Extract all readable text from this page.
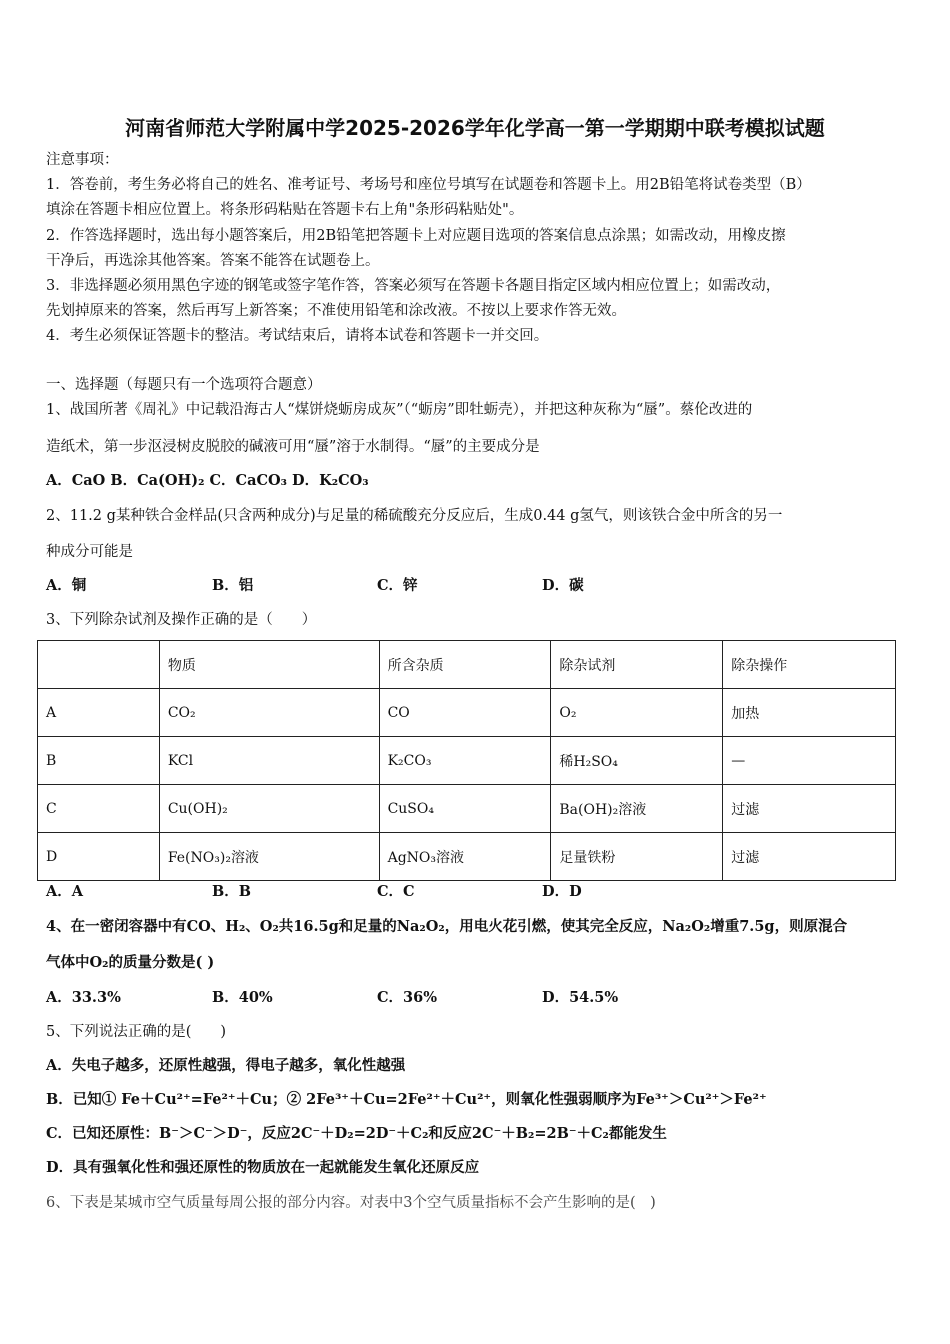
河南省师范大学附属中学2025-2026学年化学高一第一学期期中联考模拟试题
注意事项：
1．答卷前，考生务必将自己的姓名、准考证号、考场号和座位号填写在试题卷和答题卡上。用2B铅笔将试卷类型（B）
填涂在答题卡相应位置上。将条形码粘贴在答题卡右上角"条形码粘贴处"。
2．作答选择题时，选出每小题答案后，用2B铅笔把答题卡上对应题目选项的答案信息点涂黑；如需改动，用橡皮擦
干净后，再选涂其他答案。答案不能答在试题卷上。
3．非选择题必须用黑色字迹的钢笔或签字笔作答，答案必须写在答题卡各题目指定区域内相应位置上；如需改动，
先划掉原来的答案，然后再写上新答案；不准使用铅笔和涂改液。不按以上要求作答无效。
4．考生必须保证答题卡的整洁。考试结束后，请将本试卷和答题卡一并交回。
一、选择题（每题只有一个选项符合题意）
1、战国所著《周礼》中记载沿海古人“煤饼烧蛎房成灰”（“蛎房”即牡蛎壳），并把这种灰称为“蜃”。蔡伦改进的
造纸术，第一步沤浸树皮脱胶的碱液可用“蜃”溶于水制得。“蜃”的主要成分是
A．CaO B．Ca(OH)₂ C．CaCO₃ D．K₂CO₃
2、11.2 g某种铁合金样品(只含两种成分)与足量的稀硫酸充分反应后，生成0.44 g氢气，则该铁合金中所含的另一
种成分可能是
A．铜	B．铝	C．锌	D．碳
3、下列除杂试剂及操作正确的是（　　）
	物质	所含杂质	除杂试剂	除杂操作
A	CO₂	CO	O₂	加热
B	KCl	K₂CO₃	稀H₂SO₄	—
C	Cu(OH)₂	CuSO₄	Ba(OH)₂溶液	过滤
D	Fe(NO₃)₂溶液	AgNO₃溶液	足量铁粉	过滤
A．A	B．B	C．C	D．D
4、在一密闭容器中有CO、H₂、O₂共16.5g和足量的Na₂O₂，用电火花引燃，使其完全反应，Na₂O₂增重7.5g，则原混合
气体中O₂的质量分数是( )
A．33.3%	B．40%	C．36%	D．54.5%
5、下列说法正确的是(　　)
A．失电子越多，还原性越强，得电子越多，氧化性越强
B．已知① Fe＋Cu²⁺=Fe²⁺＋Cu；② 2Fe³⁺＋Cu=2Fe²⁺＋Cu²⁺，则氧化性强弱顺序为Fe³⁺＞Cu²⁺＞Fe²⁺
C．已知还原性：B⁻＞C⁻＞D⁻，反应2C⁻＋D₂=2D⁻＋C₂和反应2C⁻＋B₂=2B⁻＋C₂都能发生
D．具有强氧化性和强还原性的物质放在一起就能发生氧化还原反应
6、下表是某城市空气质量每周公报的部分内容。对表中3个空气质量指标不会产生影响的是(　)
